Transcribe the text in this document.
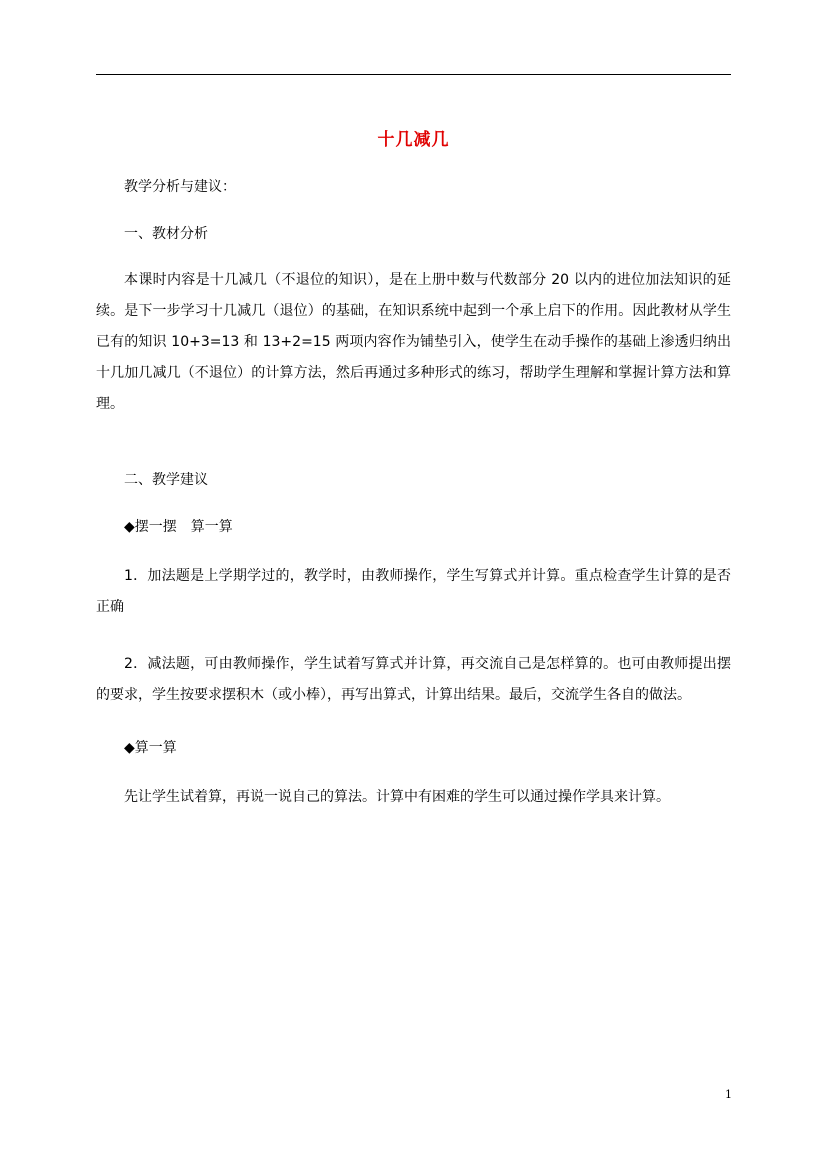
十几减几

教学分析与建议：

一、教材分析

本课时内容是十几减几（不退位的知识），是在上册中数与代数部分 20 以内的进位加法知识的延续。是下一步学习十几减几（退位）的基础，在知识系统中起到一个承上启下的作用。因此教材从学生已有的知识 10+3=13 和 13+2=15 两项内容作为铺垫引入，使学生在动手操作的基础上渗透归纳出十几加几减几（不退位）的计算方法，然后再通过多种形式的练习，帮助学生理解和掌握计算方法和算理。

二、教学建议

◆摆一摆　算一算

1．加法题是上学期学过的，教学时，由教师操作，学生写算式并计算。重点检查学生计算的是否正确

2．减法题，可由教师操作，学生试着写算式并计算，再交流自己是怎样算的。也可由教师提出摆的要求，学生按要求摆积木（或小棒），再写出算式，计算出结果。最后，交流学生各自的做法。

◆算一算

先让学生试着算，再说一说自己的算法。计算中有困难的学生可以通过操作学具来计算。

1
